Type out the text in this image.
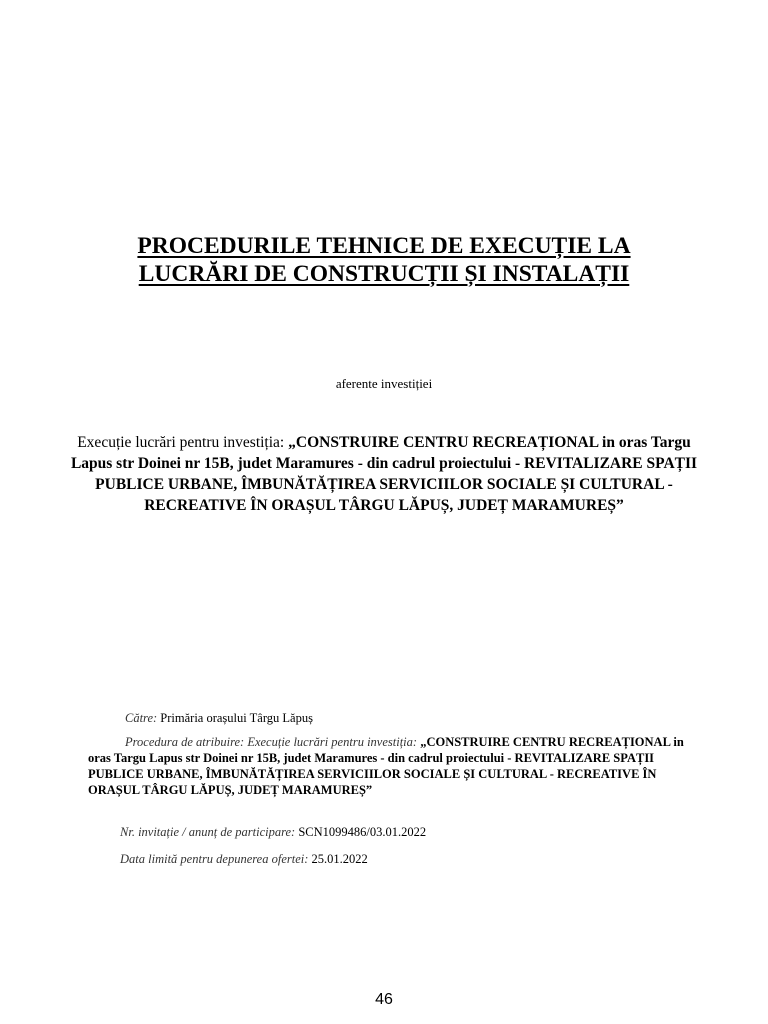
PROCEDURILE TEHNICE DE EXECUȚIE LA
LUCRĂRI DE CONSTRUCȚII ȘI INSTALAȚII
aferente investiției
Execuție lucrări pentru investiția: „CONSTRUIRE CENTRU RECREAȚIONAL in oras Targu Lapus str Doinei nr 15B, judet Maramures - din cadrul proiectului - REVITALIZARE SPAȚII PUBLICE URBANE, ÎMBUNĂTĂȚIREA SERVICIILOR SOCIALE ȘI CULTURAL - RECREATIVE ÎN ORAȘUL TÂRGU LĂPUȘ, JUDEȚ MARAMUREȘ”
Către: Primăria orașului Târgu Lăpuș
Procedura de atribuire: Execuție lucrări pentru investiția: „CONSTRUIRE CENTRU RECREAȚIONAL in oras Targu Lapus str Doinei nr 15B, judet Maramures - din cadrul proiectului - REVITALIZARE SPAȚII PUBLICE URBANE, ÎMBUNĂTĂȚIREA SERVICIILOR SOCIALE ȘI CULTURAL - RECREATIVE ÎN ORAȘUL TÂRGU LĂPUȘ, JUDEȚ MARAMUREȘ”
Nr. invitație / anunț de participare: SCN1099486/03.01.2022
Data limită pentru depunerea ofertei: 25.01.2022
46
